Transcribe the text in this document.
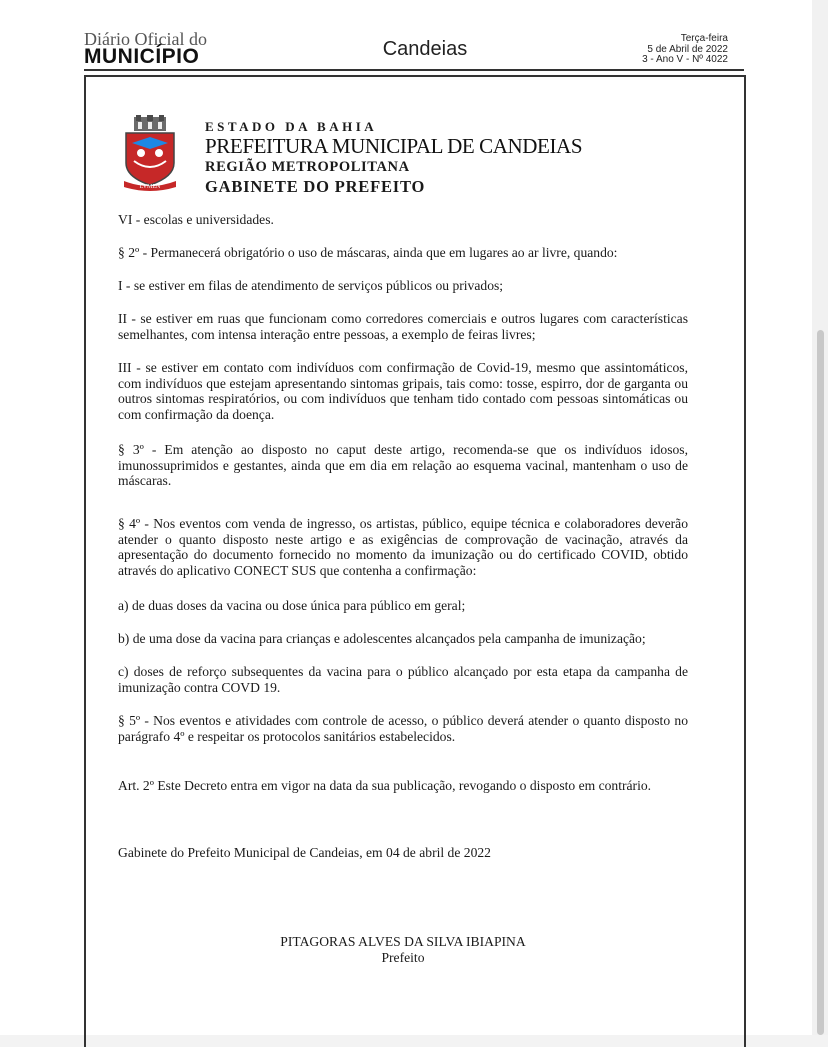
Diário Oficial do
MUNICÍPIO	Candeias	Terça-feira
5 de Abril de 2022
3 - Ano V - Nº 4022
LVMEN
ESTADO DA BAHIA
PREFEITURA MUNICIPAL DE CANDEIAS
REGIÃO METROPOLITANA
GABINETE DO PREFEITO
VI - escolas e universidades.
§ 2º - Permanecerá obrigatório o uso de máscaras, ainda que em lugares ao ar livre, quando:
I - se estiver em filas de atendimento de serviços públicos ou privados;
II - se estiver em ruas que funcionam como corredores comerciais e outros lugares com características semelhantes, com intensa interação entre pessoas, a exemplo de feiras livres;
III - se estiver em contato com indivíduos com confirmação de Covid-19, mesmo que assintomáticos, com indivíduos que estejam apresentando sintomas gripais, tais como: tosse, espirro, dor de garganta ou outros sintomas respiratórios, ou com indivíduos que tenham tido contado com pessoas sintomáticas ou com confirmação da doença.
§ 3º - Em atenção ao disposto no caput deste artigo, recomenda-se que os indivíduos idosos, imunossuprimidos e gestantes, ainda que em dia em relação ao esquema vacinal, mantenham o uso de máscaras.
§ 4º - Nos eventos com venda de ingresso, os artistas, público, equipe técnica e colaboradores deverão atender o quanto disposto neste artigo e as exigências de comprovação de vacinação, através da apresentação do documento fornecido no momento da imunização ou do certificado COVID, obtido através do aplicativo CONECT SUS que contenha a confirmação:
a) de duas doses da vacina ou dose única para público em geral;
b) de uma dose da vacina para crianças e adolescentes alcançados pela campanha de imunização;
c) doses de reforço subsequentes da vacina para o público alcançado por esta etapa da campanha de imunização contra COVD 19.
§ 5º - Nos eventos e atividades com controle de acesso, o público deverá atender o quanto disposto no parágrafo 4º e respeitar os protocolos sanitários estabelecidos.
Art. 2º Este Decreto entra em vigor na data da sua publicação, revogando o disposto em contrário.
Gabinete do Prefeito Municipal de Candeias, em 04 de abril de 2022
PITAGORAS ALVES DA SILVA IBIAPINA
Prefeito
